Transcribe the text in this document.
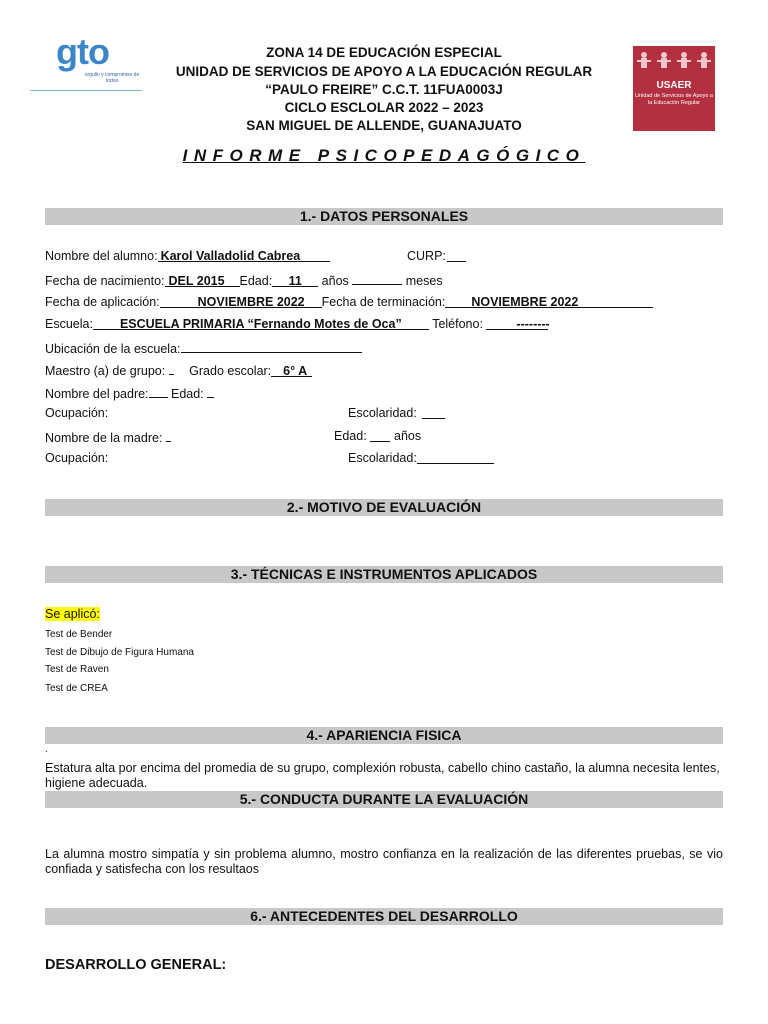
gto
orgullo y compromiso de todos	USAER
Unidad de Servicios de Apoyo a la Educación Regular
ZONA 14 DE EDUCACIÓN ESPECIAL
UNIDAD DE SERVICIOS DE APOYO A LA EDUCACIÓN REGULAR
“PAULO FREIRE” C.C.T. 11FUA0003J
CICLO ESCLOLAR 2022 – 2023
SAN MIGUEL DE ALLENDE, GUANAJUATO
INFORME PSICOPEDAGÓGICO
1.- DATOS PERSONALES
Nombre del alumno: Karol Valladolid Cabrea	CURP:
Fecha de nacimiento: DEL 2015 Edad: 11 años	meses
Fecha de aplicación:	NOVIEMBRE 2022 Fecha de terminación: NOVIEMBRE 2022
Escuela: ESCUELA PRIMARIA “Fernando Motes de Oca” Teléfono:	--------
Ubicación de la escuela:
Maestro (a) de grupo: Grado escolar: 6° A
Nombre del padre: Edad:
Ocupación:	Escolaridad:
Nombre de la madre:	Edad: años
Ocupación:	Escolaridad:
2.- MOTIVO DE EVALUACIÓN
3.- TÉCNICAS E INSTRUMENTOS APLICADOS
Se aplicó:
Test de Bender
Test de Dibujo de Figura Humana
Test de Raven
Test de CREA
4.- APARIENCIA FISICA
.
Estatura alta por encima del promedia de su grupo, complexión robusta, cabello chino castaño, la alumna necesita lentes, higiene adecuada.
5.- CONDUCTA DURANTE LA EVALUACIÓN
La alumna mostro simpatía y sin problema alumno, mostro confianza en la realización de las diferentes pruebas, se vio confiada y satisfecha con los resultaos
6.- ANTECEDENTES DEL DESARROLLO
DESARROLLO GENERAL:
